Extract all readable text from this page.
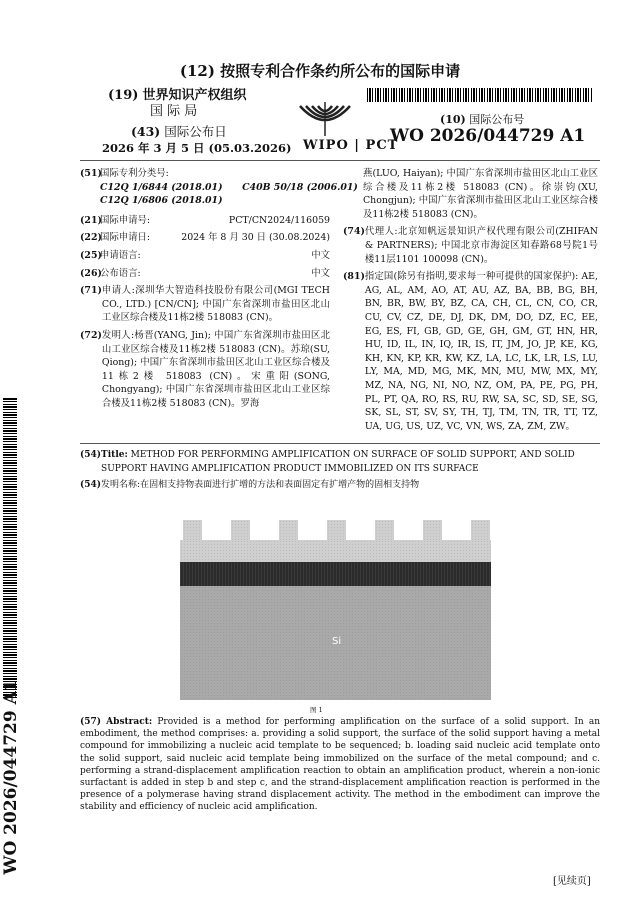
(12) 按照专利合作条约所公布的国际申请
(19) 世界知识产权组织
国 际 局
WIPO | PCT
(43) 国际公布日
2026 年 3 月 5 日 (05.03.2026)
(10) 国际公布号
WO 2026/044729 A1
(51)
国际专利分类号:
C12Q 1/6844 (2018.01)      C40B 50/18 (2006.01)
C12Q 1/6806 (2018.01)
(21)国际申请号:	PCT/CN2024/116059
(22)国际申请日:	2024 年 8 月 30 日 (30.08.2024)
(25)申请语言:	中文
(26)公布语言:	中文
(71) 申请人:深圳华大智造科技股份有限公司(MGI TECH CO., LTD.) [CN/CN]; 中国广东省深圳市盐田区北山工业区综合楼及11栋2楼 518083 (CN)。
(72) 发明人:杨晋(YANG, Jin); 中国广东省深圳市盐田区北山工业区综合楼及11栋2楼 518083 (CN)。苏琼(SU, Qiong); 中国广东省深圳市盐田区北山工业区综合楼及11栋2楼 518083 (CN)。宋重阳(SONG, Chongyang); 中国广东省深圳市盐田区北山工业区综合楼及11栋2楼 518083 (CN)。罗海
燕(LUO, Haiyan); 中国广东省深圳市盐田区北山工业区综合楼及11栋2楼 518083 (CN)。徐崇钧(XU, Chongjun); 中国广东省深圳市盐田区北山工业区综合楼及11栋2楼 518083 (CN)。
(74) 代理人:北京知帆远景知识产权代理有限公司(ZHIFAN & PARTNERS); 中国北京市海淀区知春路68号院1号楼11层1101 100098 (CN)。
(81) 指定国(除另有指明,要求每一种可提供的国家保护): AE, AG, AL, AM, AO, AT, AU, AZ, BA, BB, BG, BH, BN, BR, BW, BY, BZ, CA, CH, CL, CN, CO, CR, CU, CV, CZ, DE, DJ, DK, DM, DO, DZ, EC, EE, EG, ES, FI, GB, GD, GE, GH, GM, GT, HN, HR, HU, ID, IL, IN, IQ, IR, IS, IT, JM, JO, JP, KE, KG, KH, KN, KP, KR, KW, KZ, LA, LC, LK, LR, LS, LU, LY, MA, MD, MG, MK, MN, MU, MW, MX, MY, MZ, NA, NG, NI, NO, NZ, OM, PA, PE, PG, PH, PL, PT, QA, RO, RS, RU, RW, SA, SC, SD, SE, SG, SK, SL, ST, SV, SY, TH, TJ, TM, TN, TR, TT, TZ, UA, UG, US, UZ, VC, VN, WS, ZA, ZM, ZW。
(54) Title: METHOD FOR PERFORMING AMPLIFICATION ON SURFACE OF SOLID SUPPORT, AND SOLID SUPPORT HAVING AMPLIFICATION PRODUCT IMMOBILIZED ON ITS SURFACE
(54) 发明名称:在固相支持物表面进行扩增的方法和表面固定有扩增产物的固相支持物
Si
图 1
(57) Abstract: Provided is a method for performing amplification on the surface of a solid support. In an embodiment, the method comprises: a. providing a solid support, the surface of the solid support having a metal compound for immobilizing a nucleic acid template to be sequenced; b. loading said nucleic acid template onto the solid support, said nucleic acid template being immobilized on the surface of the metal compound; and c. performing a strand-displacement amplification reaction to obtain an amplification product, wherein a non-ionic surfactant is added in step b and step c, and the strand-displacement amplification reaction is performed in the presence of a polymerase having strand displacement activity. The method in the embodiment can improve the stability and efficiency of nucleic acid amplification.
WO 2026/044729 A1
[见续页]
